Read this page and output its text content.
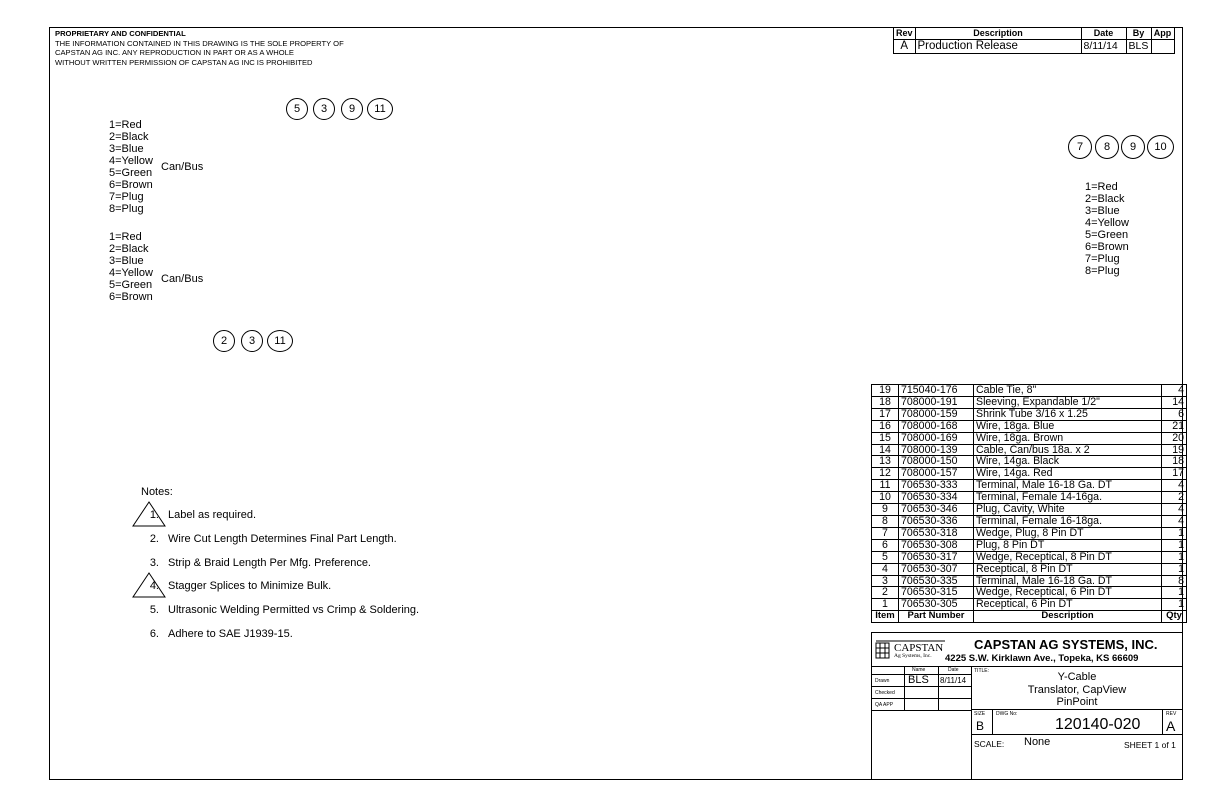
PROPRIETARY AND CONFIDENTIAL
THE INFORMATION CONTAINED IN THIS DRAWING IS THE SOLE PROPERTY OF
CAPSTAN AG INC. ANY REPRODUCTION IN PART OR AS A WHOLE
WITHOUT WRITTEN PERMISSION OF CAPSTAN AG INC IS PROHIBITED
Rev	Description	Date	By	App
A	Production Release	8/11/14	BLS	
5	3	9	11
1=Red
2=Black
3=Blue
4=Yellow
5=Green
6=Brown
7=Plug
8=Plug
Can/Bus
1=Red
2=Black
3=Blue
4=Yellow
5=Green
6=Brown
Can/Bus
2	3	11
7	8	9	10
1=Red
2=Black
3=Blue
4=Yellow
5=Green
6=Brown
7=Plug
8=Plug
Notes:
1. Label as required.
2. Wire Cut Length Determines Final Part Length.
3. Strip & Braid Length Per Mfg. Preference.
4. Stagger Splices to Minimize Bulk.
5. Ultrasonic Welding Permitted vs Crimp & Soldering.
6. Adhere to SAE J1939-15.
19	715040-176	Cable Tie, 8"	4
18	708000-191	Sleeving, Expandable 1/2"	14
17	708000-159	Shrink Tube 3/16 x 1.25	6
16	708000-168	Wire, 18ga. Blue	21
15	708000-169	Wire, 18ga. Brown	20
14	708000-139	Cable, Can/bus 18a. x 2	19
13	708000-150	Wire, 14ga. Black	18
12	708000-157	Wire, 14ga. Red	17
11	706530-333	Terminal, Male 16-18 Ga. DT	4
10	706530-334	Terminal, Female 14-16ga.	2
9	706530-346	Plug, Cavity, White	4
8	706530-336	Terminal, Female 16-18ga.	4
7	706530-318	Wedge, Plug, 8 Pin DT	1
6	706530-308	Plug, 8 Pin DT	1
5	706530-317	Wedge, Receptical, 8 Pin DT	1
4	706530-307	Receptical, 8 Pin DT	1
3	706530-335	Terminal, Male 16-18 Ga. DT	8
2	706530-315	Wedge, Receptical, 6 Pin DT	1
1	706530-305	Receptical, 6 Pin DT	1
Item	Part Number	Description	Qty
CAPSTAN
Ag Systems, Inc.
CAPSTAN AG SYSTEMS, INC.
4225 S.W. Kirklawn Ave., Topeka, KS 66609
Name	Date
Drawn BLS 8/11/14
Checked
QA APP
TITLE:	Y-Cable
Translator, CapView
PinPoint
SIZE
B
DWG No:
120140-020
REV
A
SCALE: None	SHEET 1 of 1
